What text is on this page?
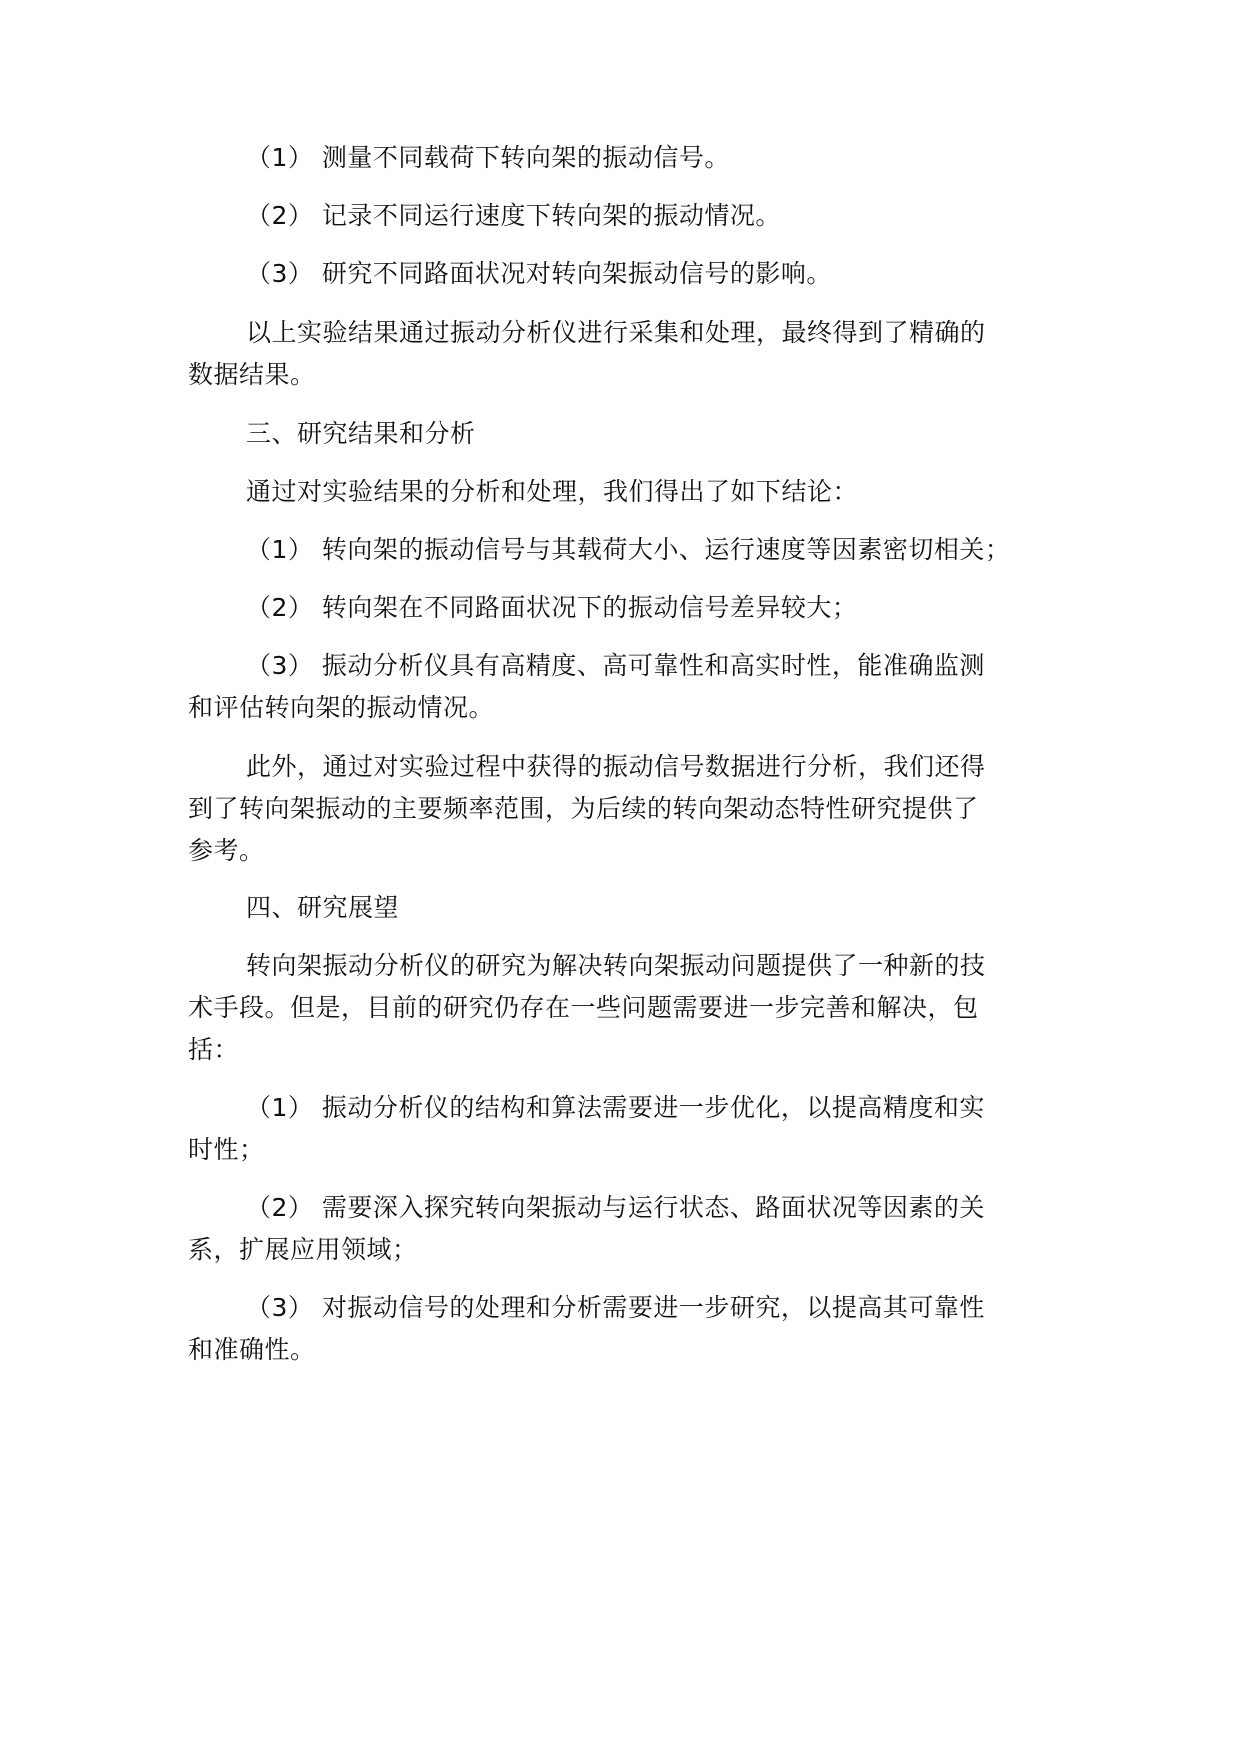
（1） 测量不同载荷下转向架的振动信号。
（2） 记录不同运行速度下转向架的振动情况。
（3） 研究不同路面状况对转向架振动信号的影响。
以上实验结果通过振动分析仪进行采集和处理，最终得到了精确的
数据结果。
三、研究结果和分析
通过对实验结果的分析和处理，我们得出了如下结论：
（1） 转向架的振动信号与其载荷大小、运行速度等因素密切相关；
（2） 转向架在不同路面状况下的振动信号差异较大；
（3） 振动分析仪具有高精度、高可靠性和高实时性，能准确监测
和评估转向架的振动情况。
此外，通过对实验过程中获得的振动信号数据进行分析，我们还得
到了转向架振动的主要频率范围，为后续的转向架动态特性研究提供了
参考。
四、研究展望
转向架振动分析仪的研究为解决转向架振动问题提供了一种新的技
术手段。但是，目前的研究仍存在一些问题需要进一步完善和解决，包
括：
（1） 振动分析仪的结构和算法需要进一步优化，以提高精度和实
时性；
（2） 需要深入探究转向架振动与运行状态、路面状况等因素的关
系，扩展应用领域；
（3） 对振动信号的处理和分析需要进一步研究，以提高其可靠性
和准确性。
